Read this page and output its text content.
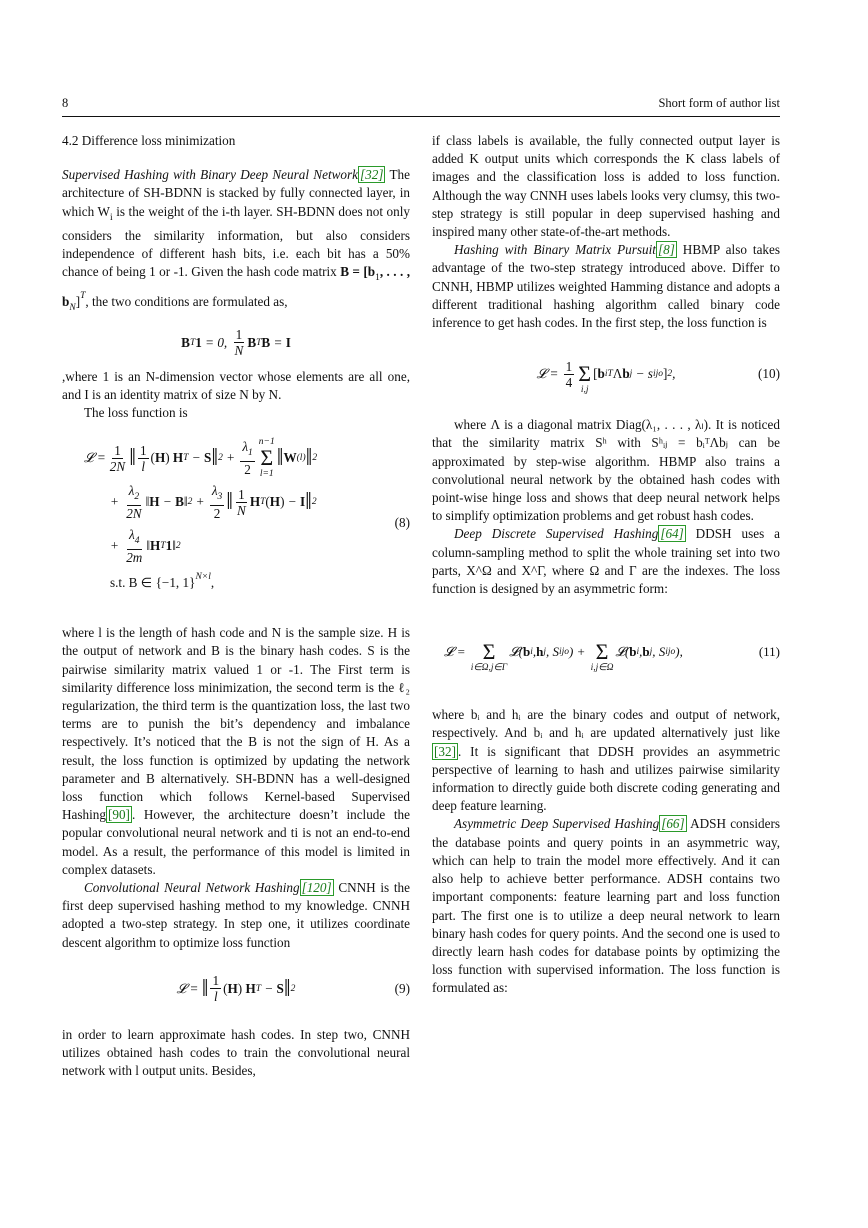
8	Short form of author list

4.2 Difference loss minimization

Supervised Hashing with Binary Deep Neural Network [32] The architecture of SH-BDNN is stacked by fully connected layer, in which $W_i$ is the weight of the i-th layer. SH-BDNN does not only considers the similarity information, but also considers independence of different hash bits, i.e. each bit has a 50% chance of being 1 or -1. Given the hash code matrix $B = [b_1$, . . . , $b_N]^T$, the two conditions are formulated as,

B T 1 = 0, $\frac{1}{N}$ B T B = I

,where 1 is an N-dimension vector whose elements are all one, and I is an identity matrix of size N by N.

The loss function is

𝓛 = $\frac{1}{2N}$ ‖ $\frac{1}{l}$ ( H )
H T − S ‖ $2 + \frac{\lambda_1}{2} n-1$
Σ
l=1
‖ W (l) ‖ 2
+ $\frac{\lambda_2}{2N}$ ‖ H − B ‖ $2 + \frac{\lambda_3}{2}$ ‖ $\frac{1}{N}$ H T ( H ) − I ‖ 2
+ $\frac{\lambda_4}{2m}$ ‖ H T 1 ‖ 2
s.t. B ∈ {−1, 1}$^{N\times l}$,
(8)

where l is the length of hash code and N is the sample size. H is the output of network and B is the binary hash codes. S is the pairwise similarity matrix valued 1 or -1. The First term is similarity difference loss minimization, the second term is the ℓ₂ regularization, the third term is the quantization loss, the last two terms are to punish the bit’s dependency and imbalance respectively. It’s noticed that the B is not the sign of H. As a result, the loss function is optimized by updating the network parameter and B alternatively. SH-BDNN has a well-designed loss function which follows Kernel-based Supervised Hashing [90] . However, the architecture doesn’t include the popular convolutional neural network and ti is not an end-to-end model. As a result, the performance of this model is limited in complex datasets.

Convolutional Neural Network Hashing [120] CNNH is the first deep supervised hashing method to my knowledge. CNNH adopted a two-step strategy. In step one, it utilizes coordinate descent algorithm to optimize loss function

𝓛 = ‖ $\frac{1}{l}$ ( H )
H T − S ‖ 2	(9)

in order to learn approximate hash codes. In step two, CNNH utilizes obtained hash codes to train the convolutional neural network with l output units. Besides,

if class labels is available, the fully connected output layer is added K output units which corresponds the K class labels of images and the classification loss is added to loss function. Although the way CNNH uses labels looks very clumsy, this two-step strategy is still popular in deep supervised hashing and inspired many other state-of-the-art methods.

Hashing with Binary Matrix Pursuit [8] HBMP also takes advantage of the two-step strategy introduced above. Differ to CNNH, HBMP utilizes weighted Hamming distance and adopts a different traditional hashing algorithm called binary code inference to get hash codes. In the first step, the loss function is

𝓛 = $\frac{1}{4}$
Σ
i,j
[ b i T Λ b j − s ij o ] 2 ,	(10)

where Λ is a diagonal matrix Diag(λ₁, . . . , λₗ). It is noticed that the similarity matrix Sʰ with Sʰᵢⱼ = bᵢᵀΛbⱼ can be approximated by step-wise algorithm. HBMP also trains a convolutional neural network by the obtained hash codes with point-wise hinge loss and shows that deep neural network helps to simplify optimization problems and get robust hash codes.

Deep Discrete Supervised Hashing [64] DDSH uses a column-sampling method to split the whole training set into two parts, X^Ω and X^Γ, where Ω and Γ are the indexes. The loss function is designed by an asymmetric form:

𝓛 =
Σ
i∈Ω,j∈Γ
𝓛( b i , h j , S ij o ) +
Σ
i,j∈Ω
𝓛( b i , b j , S ij o ),	(11)

where bᵢ and hᵢ are the binary codes and output of network, respectively. And bᵢ and hᵢ are updated alternatively just like [32] . It is significant that DDSH provides an asymmetric perspective of learning to hash and utilizes pairwise similarity information to directly guide both discrete coding generating and deep feature learning.

Asymmetric Deep Supervised Hashing [66] ADSH considers the database points and query points in an asymmetric way, which can help to train the model more effectively. And it can also help to achieve better performance. ADSH contains two important components: feature learning part and loss function part. The first one is to utilize a deep neural network to learn binary hash codes for query points. And the second one is used to directly learn hash codes for database points by optimizing the loss function with supervised information. The loss function is formulated as:
